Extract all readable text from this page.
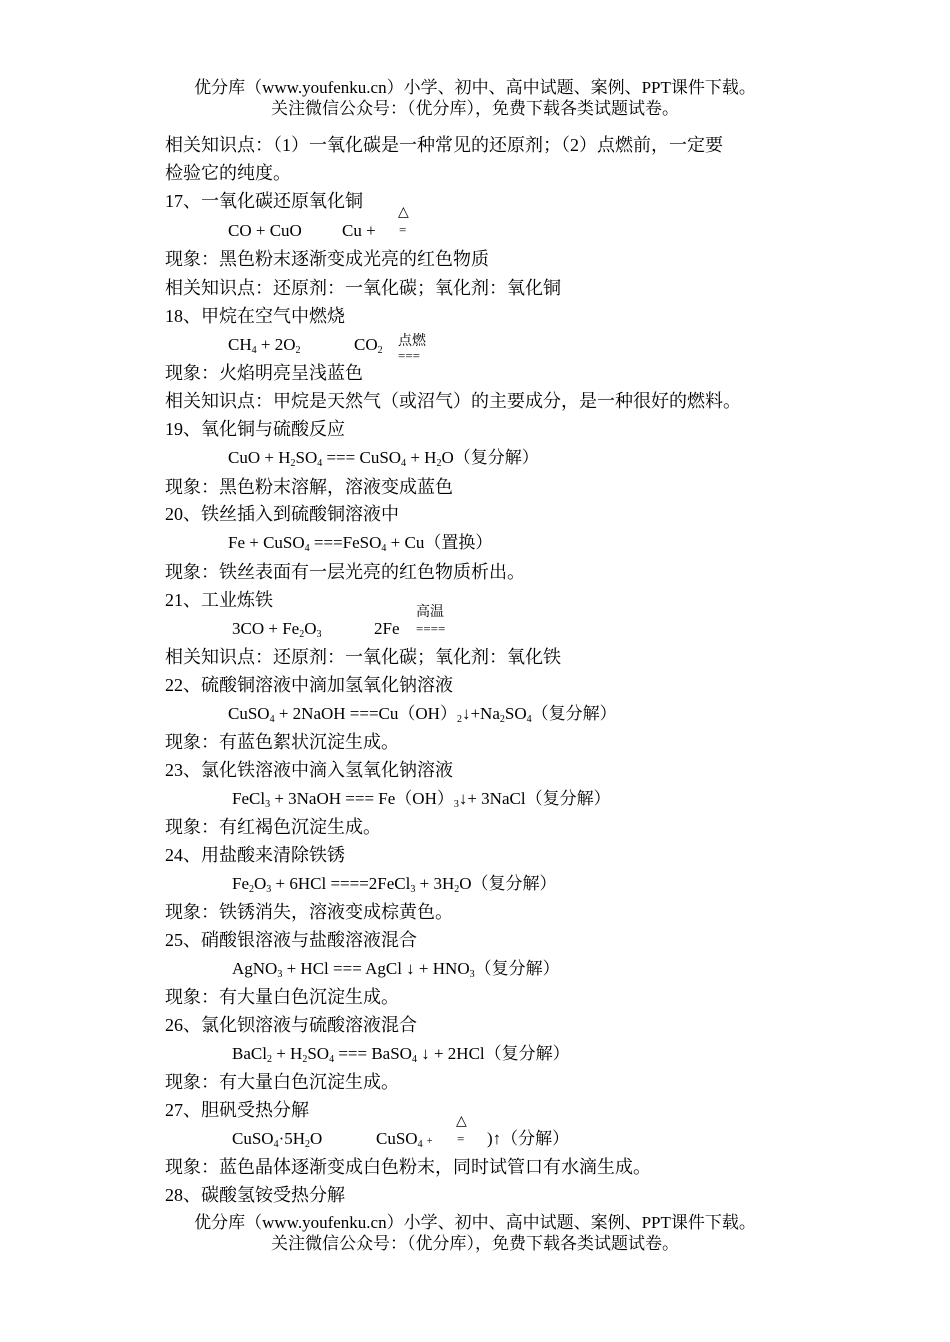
优分库（www.youfenku.cn）小学、初中、高中试题、案例、PPT课件下载。
关注微信公众号：（优分库），免费下载各类试题试卷。
相关知识点：（1）一氧化碳是一种常见的还原剂；（2）点燃前，一定要
检验它的纯度。
17、一氧化碳还原氧化铜
CO + CuO Cu +
△
=
现象：黑色粉末逐渐变成光亮的红色物质
相关知识点：还原剂：一氧化碳；氧化剂：氧化铜
18、甲烷在空气中燃烧
$CH_4 + 2O_2$	$CO_2$
点燃
===
现象：火焰明亮呈浅蓝色
相关知识点：甲烷是天然气（或沼气）的主要成分，是一种很好的燃料。
19、氧化铜与硫酸反应
CuO + $H_2SO_4$ === CuSO$_4$ + $H_2O$（复分解）
现象：黑色粉末溶解，溶液变成蓝色
20、铁丝插入到硫酸铜溶液中
Fe + CuSO$_4$ ===FeSO$_4$ + Cu（置换）
现象：铁丝表面有一层光亮的红色物质析出。
21、工业炼铁
$3CO + Fe_2O_3$	2Fe
高温
====
相关知识点：还原剂：一氧化碳；氧化剂：氧化铁
22、硫酸铜溶液中滴加氢氧化钠溶液
CuSO$_4$ + 2NaOH $===Cu(OH)_2↓+Na_2SO_4$（复分解）
现象：有蓝色絮状沉淀生成。
23、氯化铁溶液中滴入氢氧化钠溶液
FeCl$_3$ + 3NaOH === $Fe(OH)_3↓+$ 3NaCl（复分解）
现象：有红褐色沉淀生成。
24、用盐酸来清除铁锈
$Fe_2O_3 + 6HCl$ ====2FeCl$_3$ + $3H_2O$（复分解）
现象：铁锈消失，溶液变成棕黄色。
25、硝酸银溶液与盐酸溶液混合
AgNO$_3$ + HCl === AgCl ↓ + $HNO_3$（复分解）
现象：有大量白色沉淀生成。
26、氯化钡溶液与硫酸溶液混合
BaCl$_2$ + $H_2SO_4$ === BaSO$_4$ ↓ + 2HCl（复分解）
现象：有大量白色沉淀生成。
27、胆矾受热分解
$CuSO_4\cdot 5H_2O$	CuSO$_4$ +
△
= )↑（分解）
现象：蓝色晶体逐渐变成白色粉末，同时试管口有水滴生成。
28、碳酸氢铵受热分解
优分库（www.youfenku.cn）小学、初中、高中试题、案例、PPT课件下载。
关注微信公众号：（优分库），免费下载各类试题试卷。
